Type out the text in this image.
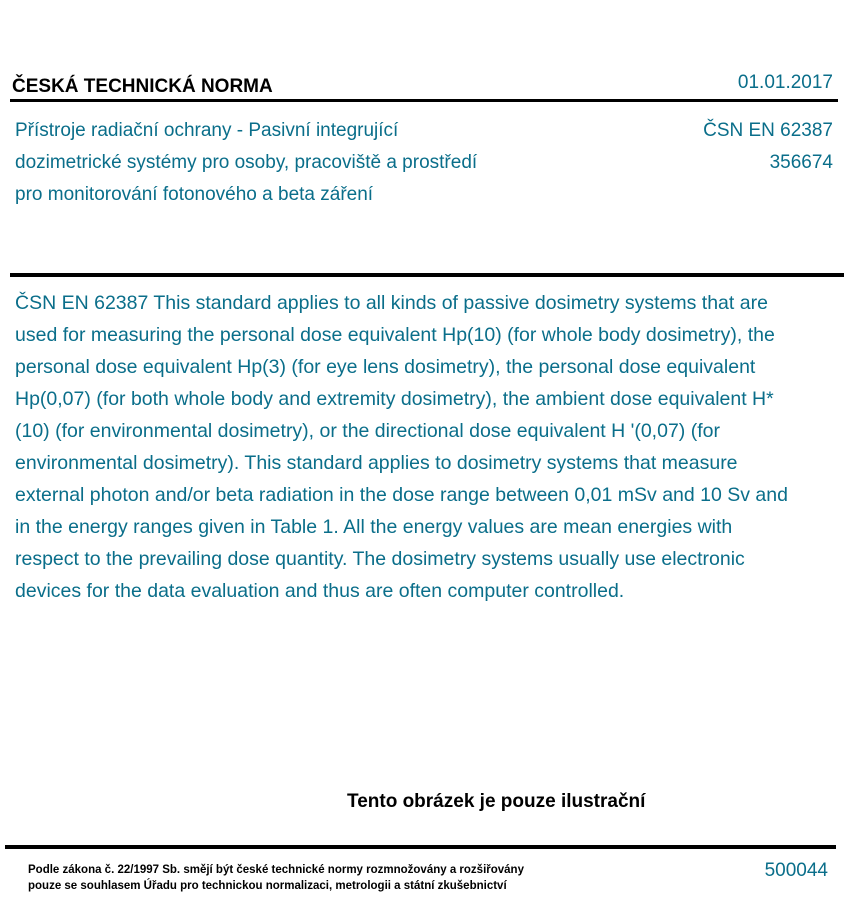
ČESKÁ TECHNICKÁ NORMA	01.01.2017
Přístroje radiační ochrany - Pasivní integrující dozimetrické systémy pro osoby, pracoviště a prostředí pro monitorování fotonového a beta záření
ČSN EN 62387
356674
ČSN EN 62387 This standard applies to all kinds of passive dosimetry systems that are used for measuring the personal dose equivalent Hp(10) (for whole body dosimetry), the personal dose equivalent Hp(3) (for eye lens dosimetry), the personal dose equivalent Hp(0,07) (for both whole body and extremity dosimetry), the ambient dose equivalent H*(10) (for environmental dosimetry), or the directional dose equivalent H '(0,07) (for environmental dosimetry). This standard applies to dosimetry systems that measure external photon and/or beta radiation in the dose range between 0,01 mSv and 10 Sv and in the energy ranges given in Table 1. All the energy values are mean energies with respect to the prevailing dose quantity. The dosimetry systems usually use electronic devices for the data evaluation and thus are often computer controlled.
Tento obrázek je pouze ilustrační
Podle zákona č. 22/1997 Sb. smějí být české technické normy rozmnožovány a rozšiřovány
pouze se souhlasem Úřadu pro technickou normalizaci, metrologii a státní zkušebnictví
500044
